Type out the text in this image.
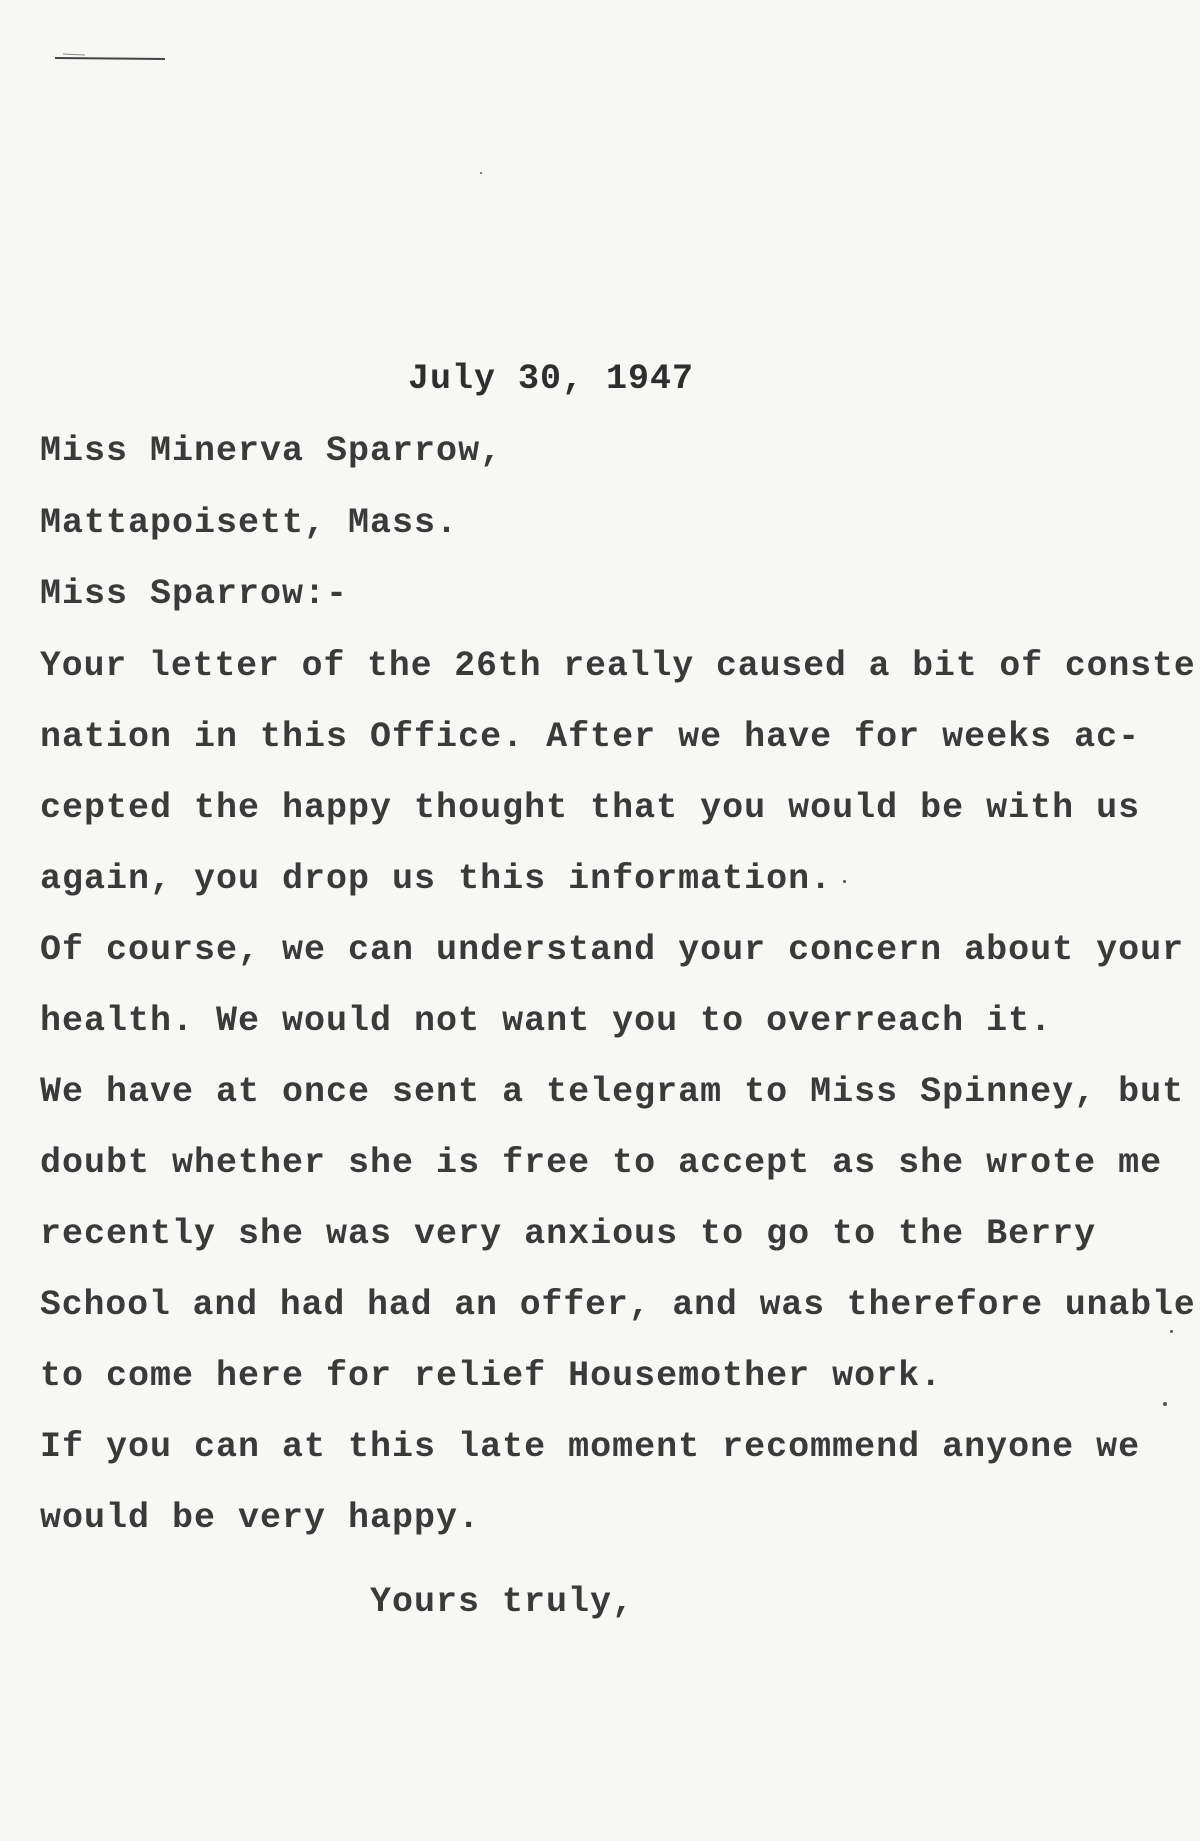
July 30, 1947
Miss Minerva Sparrow,
Mattapoisett, Mass.
Miss Sparrow:-
Your letter of the 26th really caused a bit of conste
nation in this Office. After we have for weeks ac-
cepted the happy thought that you would be with us
again, you drop us this information.
Of course, we can understand your concern about your
health. We would not want you to overreach it.
We have at once sent a telegram to Miss Spinney, but
doubt whether she is free to accept as she wrote me
recently she was very anxious to go to the Berry
School and had had an offer, and was therefore unable
to come here for relief Housemother work.
If you can at this late moment recommend anyone we
would be very happy.
Yours truly,
